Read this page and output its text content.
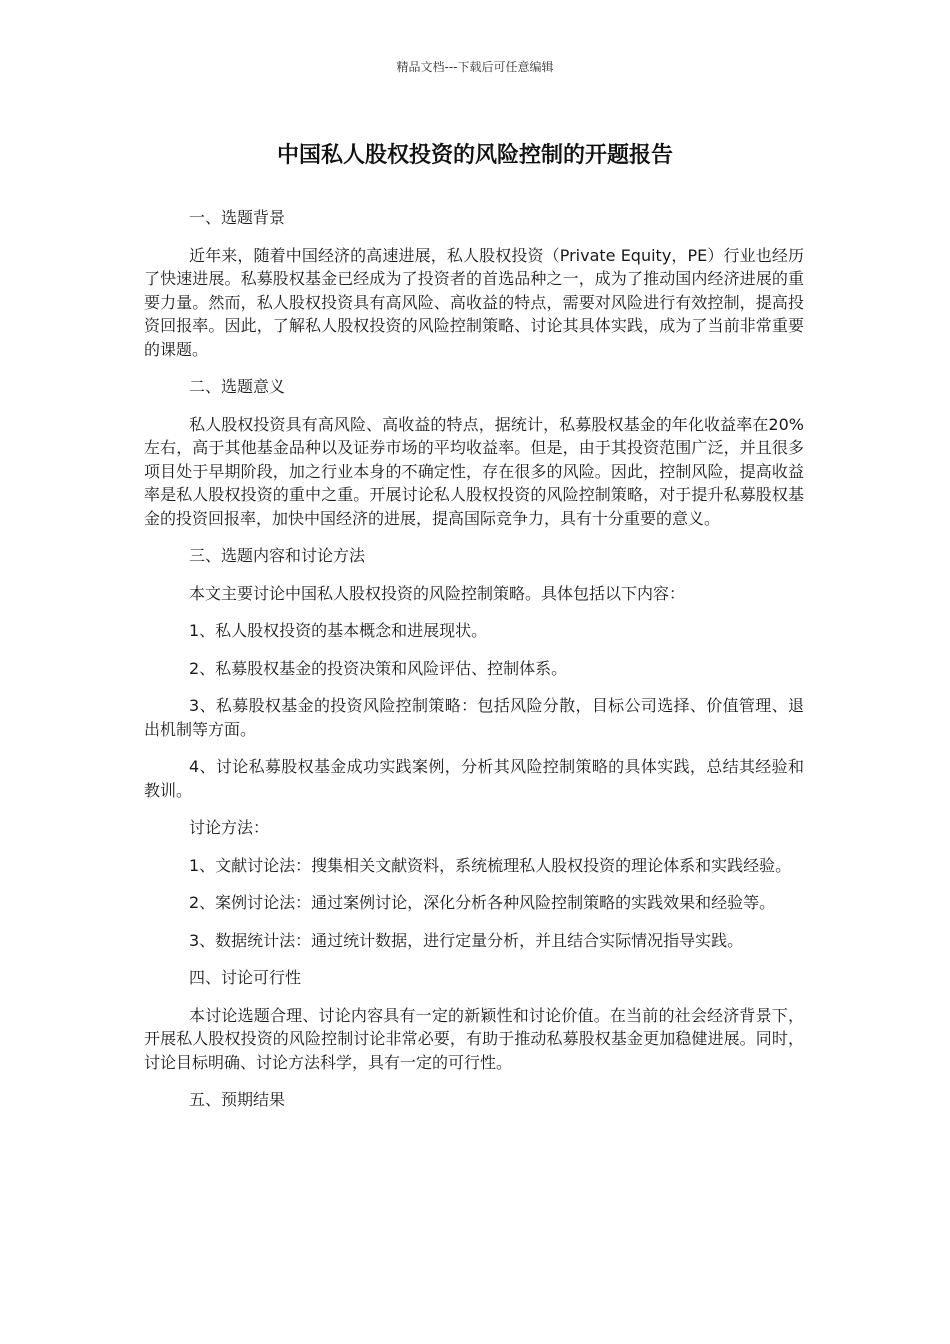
精品文档---下载后可任意编辑
中国私人股权投资的风险控制的开题报告

一、选题背景

近年来，随着中国经济的高速进展，私人股权投资（Private Equity，PE）行业也经历了快速进展。私募股权基金已经成为了投资者的首选品种之一，成为了推动国内经济进展的重要力量。然而，私人股权投资具有高风险、高收益的特点，需要对风险进行有效控制，提高投资回报率。因此，了解私人股权投资的风险控制策略、讨论其具体实践，成为了当前非常重要的课题。

二、选题意义

私人股权投资具有高风险、高收益的特点，据统计，私募股权基金的年化收益率在20%左右，高于其他基金品种以及证券市场的平均收益率。但是，由于其投资范围广泛，并且很多项目处于早期阶段，加之行业本身的不确定性，存在很多的风险。因此，控制风险，提高收益率是私人股权投资的重中之重。开展讨论私人股权投资的风险控制策略，对于提升私募股权基金的投资回报率，加快中国经济的进展，提高国际竞争力，具有十分重要的意义。

三、选题内容和讨论方法

本文主要讨论中国私人股权投资的风险控制策略。具体包括以下内容：

1、私人股权投资的基本概念和进展现状。

2、私募股权基金的投资决策和风险评估、控制体系。

3、私募股权基金的投资风险控制策略：包括风险分散，目标公司选择、价值管理、退出机制等方面。

4、讨论私募股权基金成功实践案例，分析其风险控制策略的具体实践，总结其经验和教训。

讨论方法：

1、文献讨论法：搜集相关文献资料，系统梳理私人股权投资的理论体系和实践经验。

2、案例讨论法：通过案例讨论，深化分析各种风险控制策略的实践效果和经验等。

3、数据统计法：通过统计数据，进行定量分析，并且结合实际情况指导实践。

四、讨论可行性

本讨论选题合理、讨论内容具有一定的新颖性和讨论价值。在当前的社会经济背景下，开展私人股权投资的风险控制讨论非常必要，有助于推动私募股权基金更加稳健进展。同时，讨论目标明确、讨论方法科学，具有一定的可行性。

五、预期结果
